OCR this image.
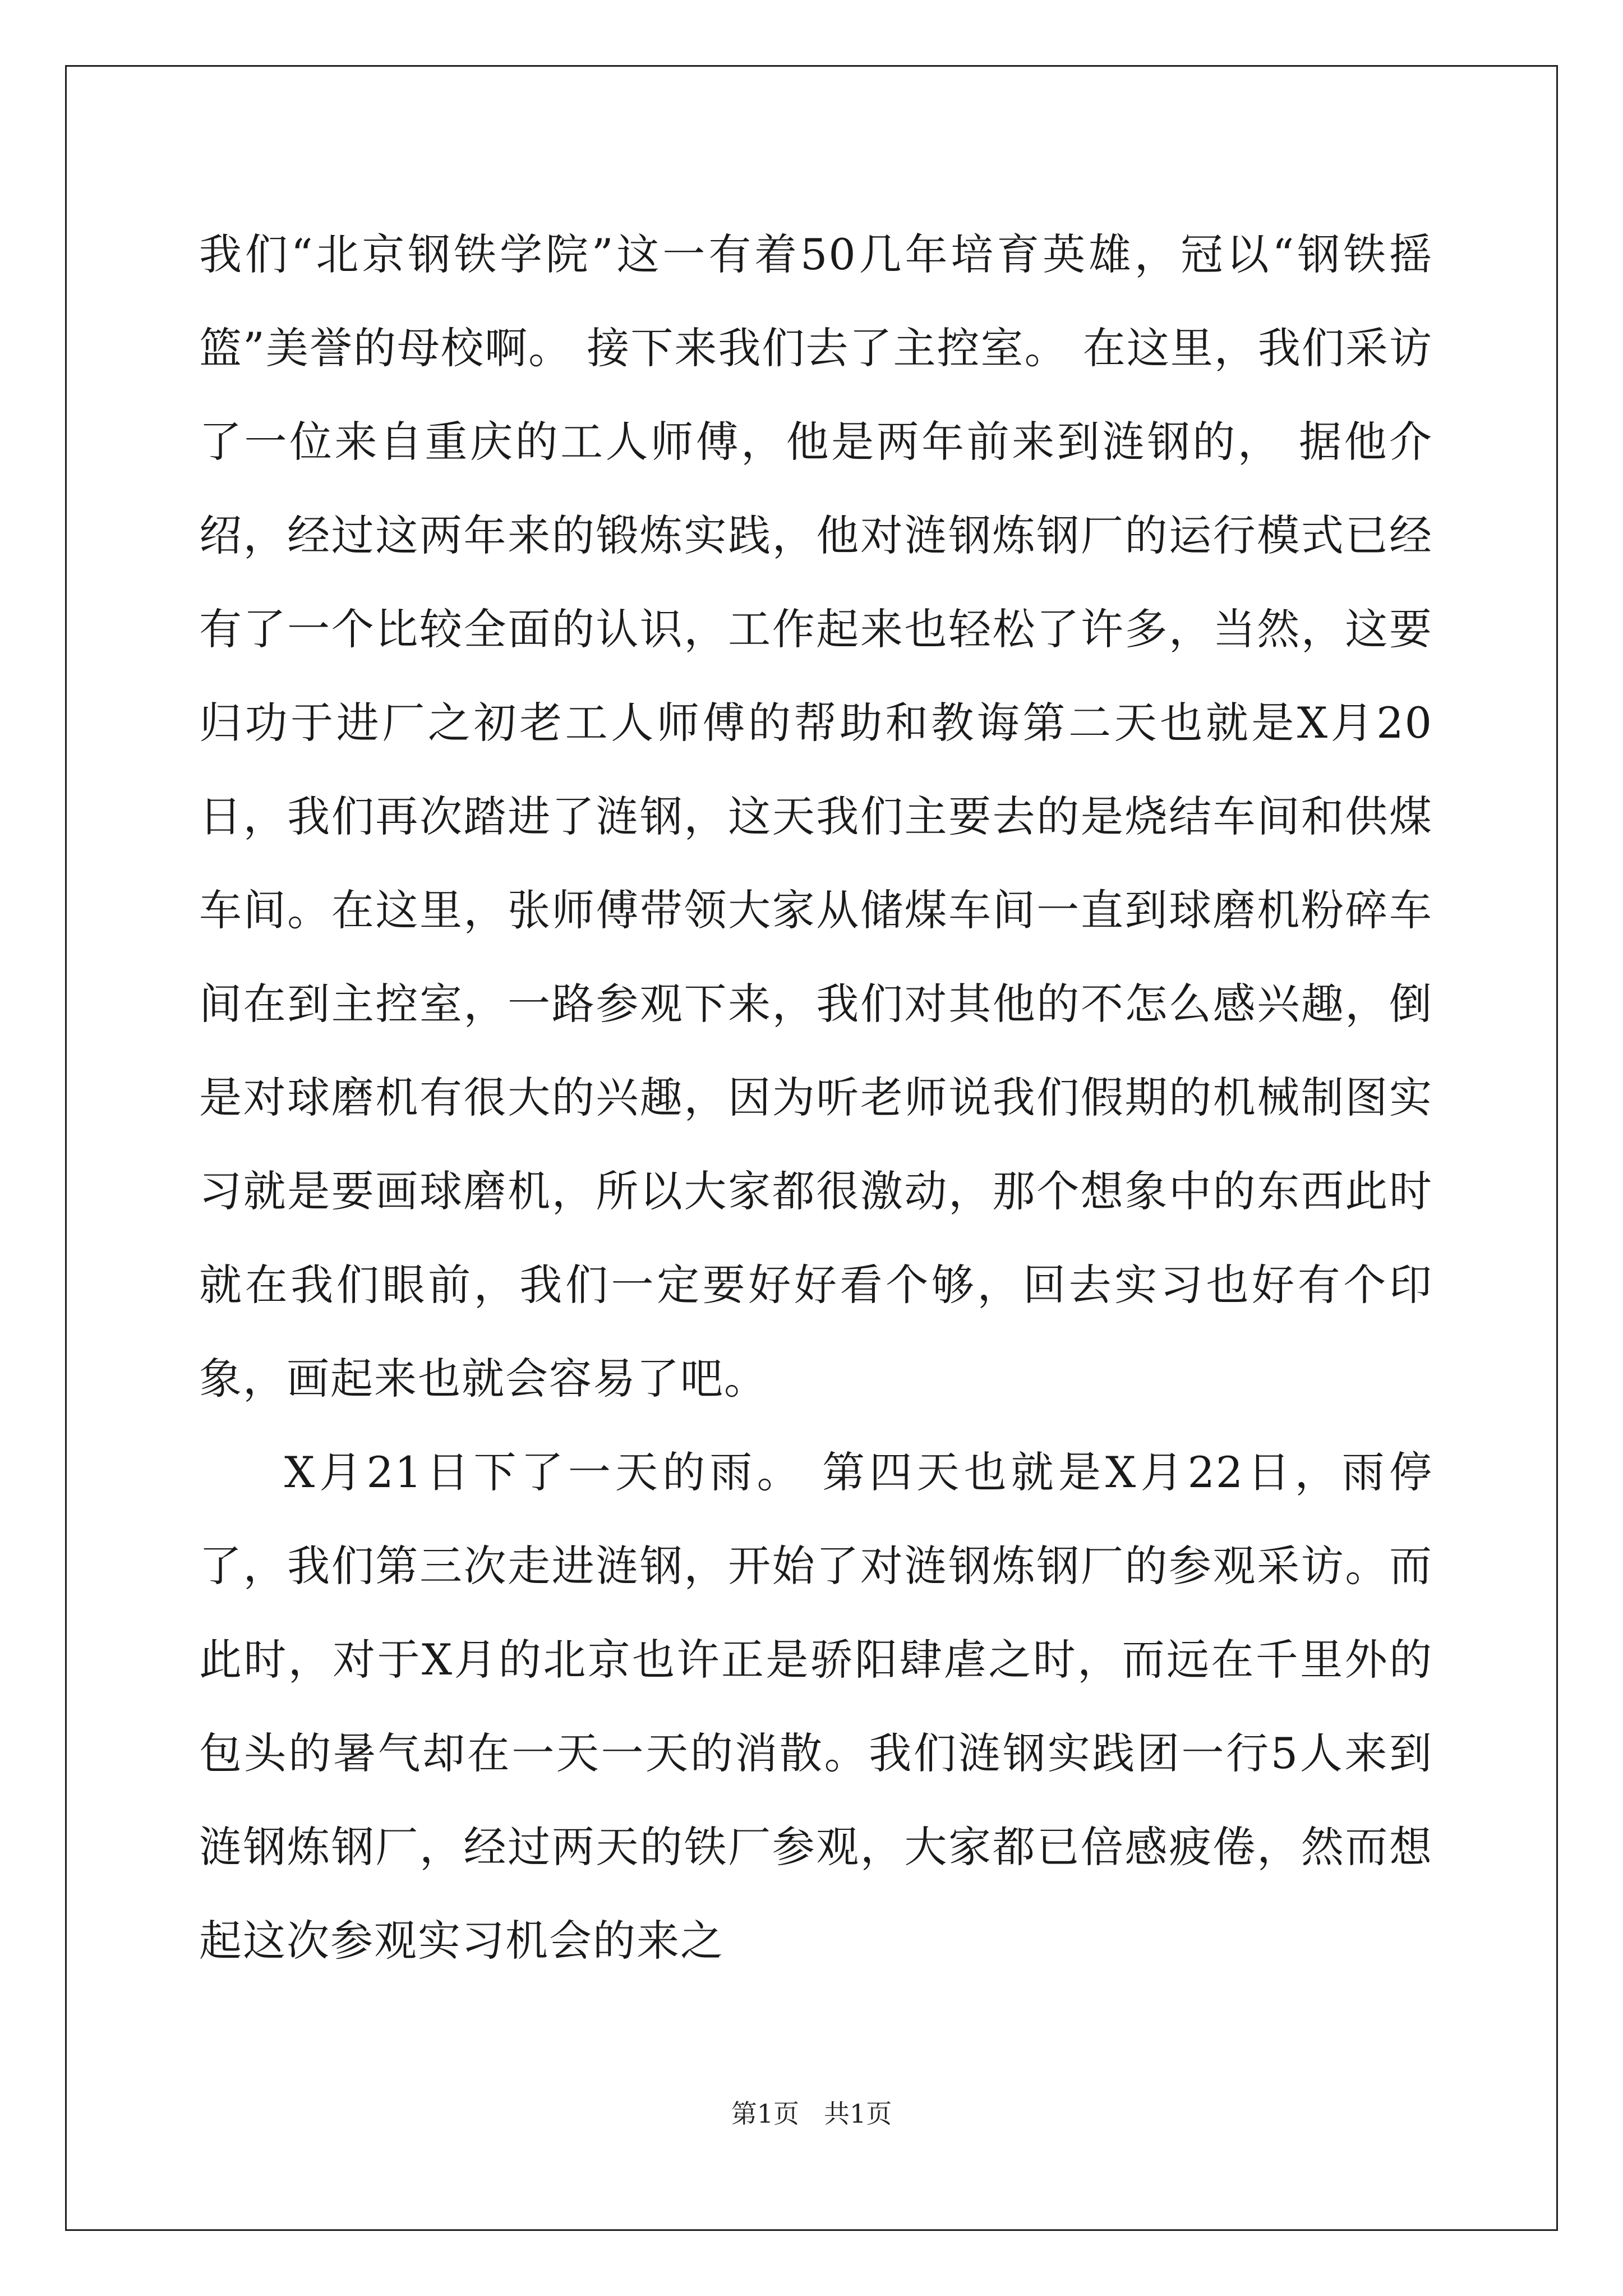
我们“北京钢铁学院”这一有着50几年培育英雄，冠以“钢铁摇篮”美誉的母校啊。 接下来我们去了主控室。 在这里，我们采访了一位来自重庆的工人师傅，他是两年前来到涟钢的， 据他介绍，经过这两年来的锻炼实践，他对涟钢炼钢厂的运行模式已经有了一个比较全面的认识，工作起来也轻松了许多，当然，这要归功于进厂之初老工人师傅的帮助和教诲第二天也就是X月20日，我们再次踏进了涟钢，这天我们主要去的是烧结车间和供煤车间。在这里，张师傅带领大家从储煤车间一直到球磨机粉碎车间在到主控室，一路参观下来，我们对其他的不怎么感兴趣，倒是对球磨机有很大的兴趣，因为听老师说我们假期的机械制图实习就是要画球磨机，所以大家都很激动，那个想象中的东西此时就在我们眼前，我们一定要好好看个够，回去实习也好有个印象，画起来也就会容易了吧。

X月21日下了一天的雨。 第四天也就是X月22日，雨停了，我们第三次走进涟钢，开始了对涟钢炼钢厂的参观采访。而此时，对于X月的北京也许正是骄阳肆虐之时，而远在千里外的包头的暑气却在一天一天的消散。我们涟钢实践团一行5人来到涟钢炼钢厂，经过两天的铁厂参观，大家都已倍感疲倦，然而想起这次参观实习机会的来之

第1页 共1页
